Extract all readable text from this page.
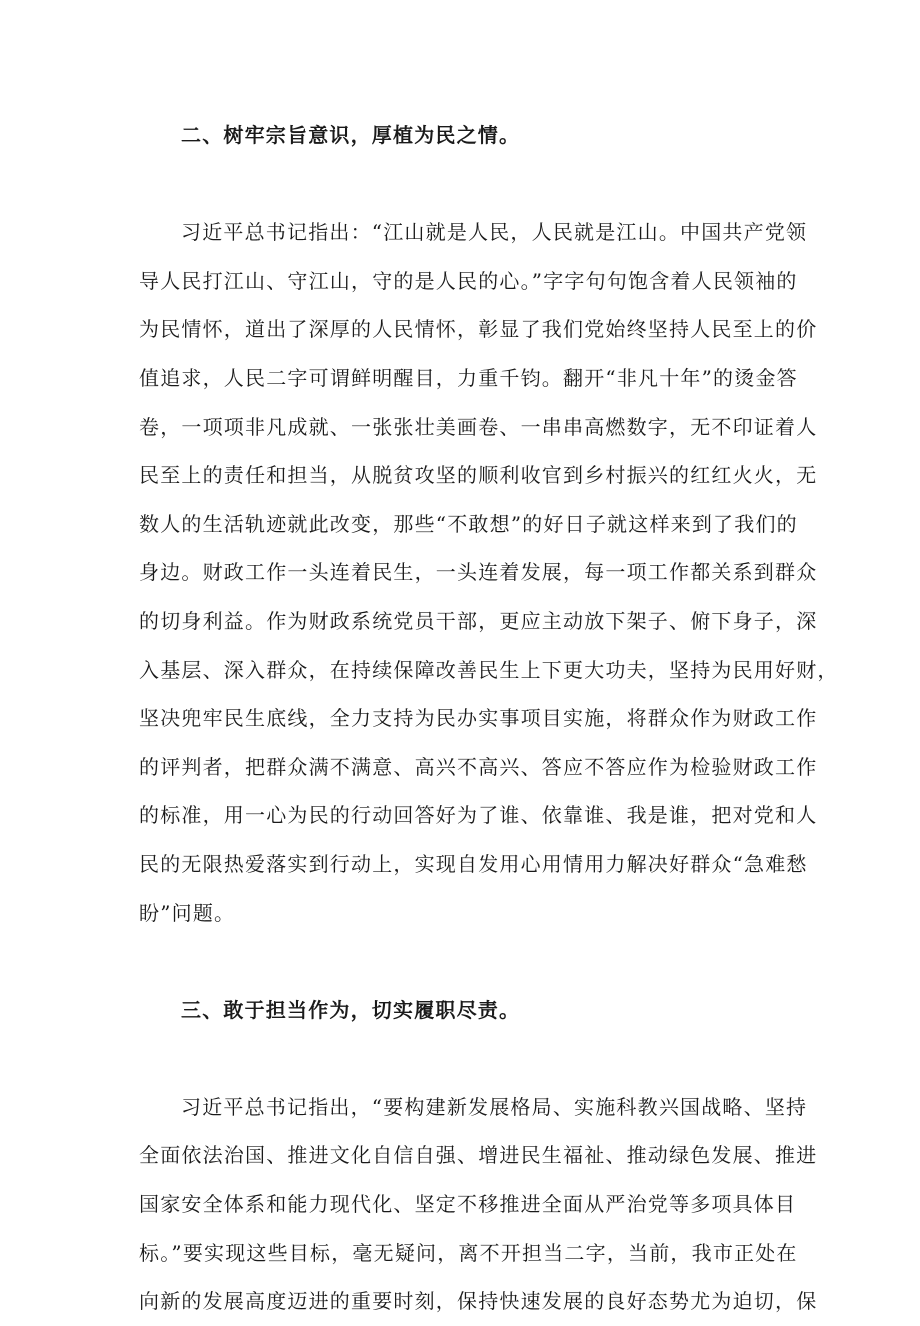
二、树牢宗旨意识，厚植为民之情。
习近平总书记指出：“江山就是人民，人民就是江山。中国共产党领
导人民打江山、守江山，守的是人民的心。”字字句句饱含着人民领袖的
为民情怀，道出了深厚的人民情怀，彰显了我们党始终坚持人民至上的价
值追求，人民二字可谓鲜明醒目，力重千钧。翻开“非凡十年”的烫金答
卷，一项项非凡成就、一张张壮美画卷、一串串高燃数字，无不印证着人
民至上的责任和担当，从脱贫攻坚的顺利收官到乡村振兴的红红火火，无
数人的生活轨迹就此改变，那些“不敢想”的好日子就这样来到了我们的
身边。财政工作一头连着民生，一头连着发展，每一项工作都关系到群众
的切身利益。作为财政系统党员干部，更应主动放下架子、俯下身子，深
入基层、深入群众，在持续保障改善民生上下更大功夫，坚持为民用好财，
坚决兜牢民生底线，全力支持为民办实事项目实施，将群众作为财政工作
的评判者，把群众满不满意、高兴不高兴、答应不答应作为检验财政工作
的标准，用一心为民的行动回答好为了谁、依靠谁、我是谁，把对党和人
民的无限热爱落实到行动上，实现自发用心用情用力解决好群众“急难愁
盼”问题。
三、敢于担当作为，切实履职尽责。
习近平总书记指出，“要构建新发展格局、实施科教兴国战略、坚持
全面依法治国、推进文化自信自强、增进民生福祉、推动绿色发展、推进
国家安全体系和能力现代化、坚定不移推进全面从严治党等多项具体目
标。”要实现这些目标，毫无疑问，离不开担当二字，当前，我市正处在
向新的发展高度迈进的重要时刻，保持快速发展的良好态势尤为迫切，保
